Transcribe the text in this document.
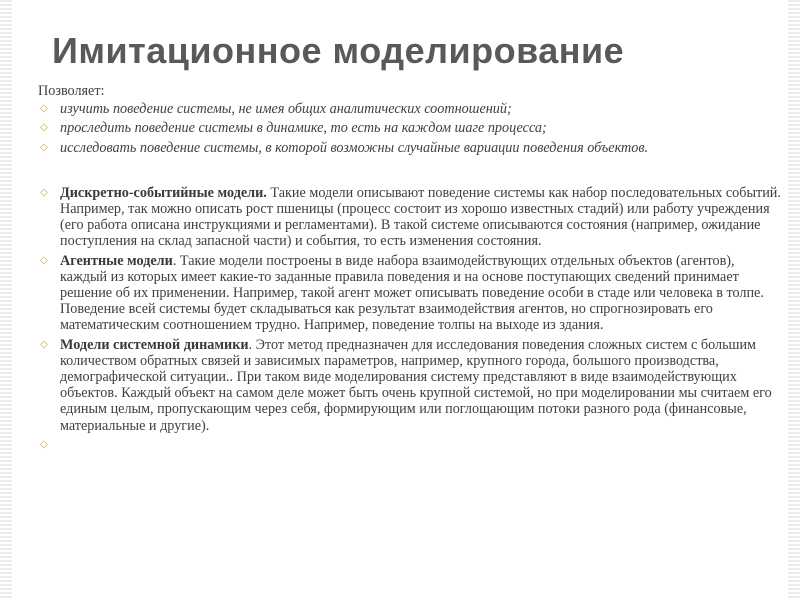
Имитационное моделирование

Позволяет:

◇ изучить поведение системы, не имея общих аналитических соотношений;
◇ проследить поведение системы в динамике, то есть на каждом шаге процесса;
◇ исследовать поведение системы, в которой возможны случайные вариации поведения объектов.
◇ Дискретно-событийные модели. Такие модели описывают поведение системы как набор последовательных событий. Например, так можно описать рост пшеницы (процесс состоит из хорошо известных стадий) или работу учреждения (его работа описана инструкциями и регламентами). В такой системе описываются состояния (например, ожидание поступления на склад запасной части) и события, то есть изменения состояния.
◇ Агентные модели. Такие модели построены в виде набора взаимодействующих отдельных объектов (агентов), каждый из которых имеет какие-то заданные правила поведения и на основе поступающих сведений принимает решение об их применении. Например, такой агент может описывать поведение особи в стаде или человека в толпе. Поведение всей системы будет складываться как результат взаимодействия агентов, но спрогнозировать его математическим соотношением трудно. Например, поведение толпы на выходе из здания.
◇ Модели системной динамики. Этот метод предназначен для исследования поведения сложных систем с большим количеством обратных связей и зависимых параметров, например, крупного города, большого производства, демографической ситуации.. При таком виде моделирования систему представляют в виде взаимодействующих объектов. Каждый объект на самом деле может быть очень крупной системой, но при моделировании мы считаем его единым целым, пропускающим через себя, формирующим или поглощающим потоки разного рода (финансовые, материальные и другие).
◇
